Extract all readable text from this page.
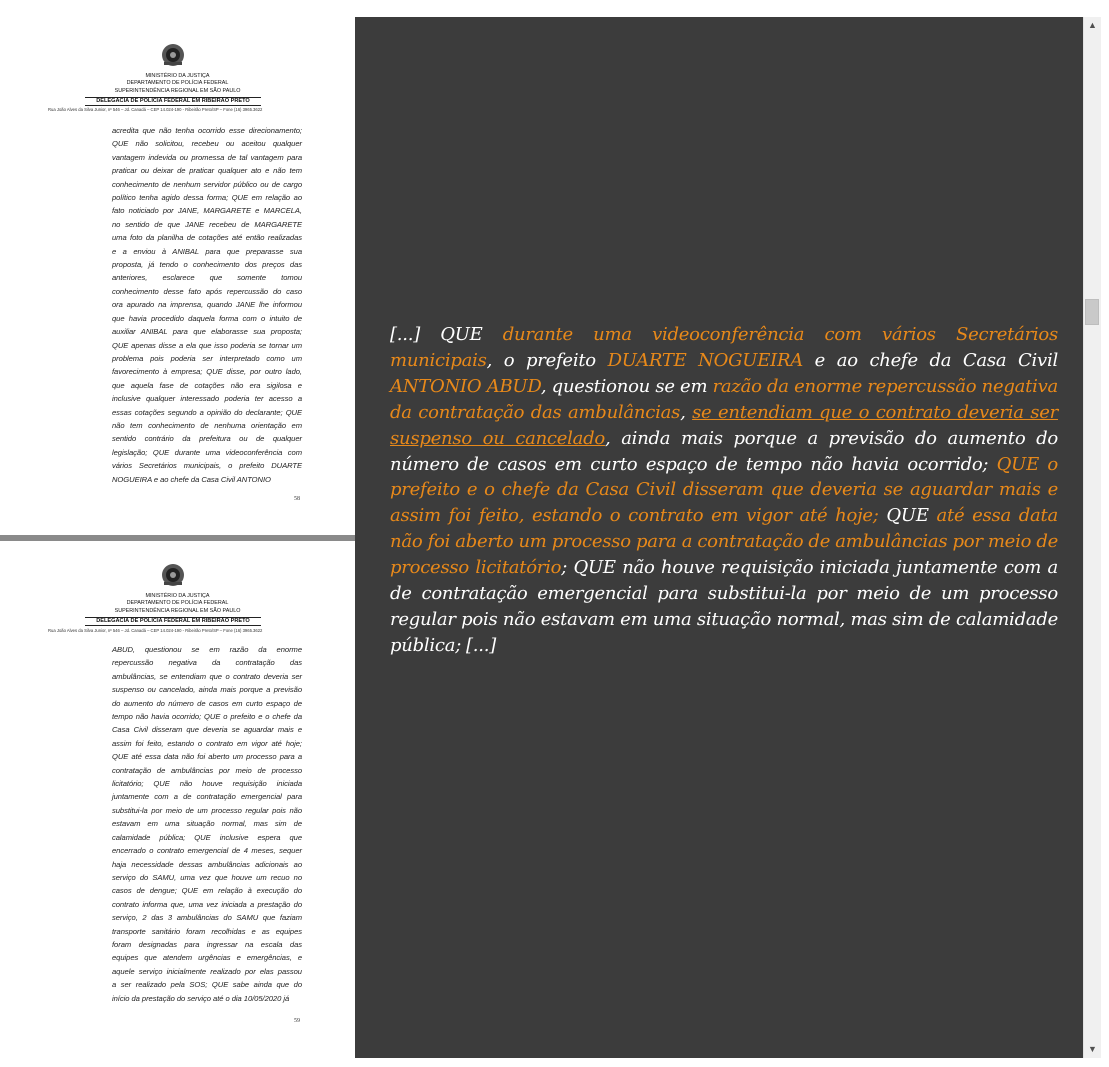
MINISTÉRIO DA JUSTIÇA
DEPARTAMENTO DE POLÍCIA FEDERAL
SUPERINTENDÊNCIA REGIONAL EM SÃO PAULO
DELEGACIA DE POLÍCIA FEDERAL EM RIBEIRÃO PRETO
Rua João Alves da Silva Junior, nº 546 – Jd. Canadá – CEP 14.024-190 - Ribeirão Preto/SP – Fone (16) 3965.3622
acredita que não tenha ocorrido esse direcionamento;
QUE não solicitou, recebeu ou aceitou qualquer
vantagem indevida ou promessa de tal vantagem para
praticar ou deixar de praticar qualquer ato e não tem
conhecimento de nenhum servidor público ou de cargo
político tenha agido dessa forma; QUE em relação ao
fato noticiado por JANE, MARGARETE e MARCELA,
no sentido de que JANE recebeu de MARGARETE
uma foto da planilha de cotações até então realizadas
e a enviou à ANIBAL para que preparasse sua
proposta, já tendo o conhecimento dos preços das
anteriores, esclarece que somente tomou
conhecimento desse fato após repercussão do caso
ora apurado na imprensa, quando JANE lhe informou
que havia procedido daquela forma com o intuito de
auxiliar ANIBAL para que elaborasse sua proposta;
QUE apenas disse a ela que isso poderia se tornar um
problema pois poderia ser interpretado como um
favorecimento à empresa; QUE disse, por outro lado,
que aquela fase de cotações não era sigilosa e
inclusive qualquer interessado poderia ter acesso a
essas cotações segundo a opinião do declarante; QUE
não tem conhecimento de nenhuma orientação em
sentido contrário da prefeitura ou de qualquer
legislação; QUE durante uma videoconferência com
vários Secretários municipais, o prefeito DUARTE
NOGUEIRA e ao chefe da Casa Civil ANTONIO
58
MINISTÉRIO DA JUSTIÇA
DEPARTAMENTO DE POLÍCIA FEDERAL
SUPERINTENDÊNCIA REGIONAL EM SÃO PAULO
DELEGACIA DE POLÍCIA FEDERAL EM RIBEIRÃO PRETO
Rua João Alves da Silva Junior, nº 546 – Jd. Canadá – CEP 14.024-190 - Ribeirão Preto/SP – Fone (16) 3965.3622
ABUD, questionou se em razão da enorme
repercussão negativa da contratação das
ambulâncias, se entendiam que o contrato deveria ser
suspenso ou cancelado, ainda mais porque a previsão
do aumento do número de casos em curto espaço de
tempo não havia ocorrido; QUE o prefeito e o chefe da
Casa Civil disseram que deveria se aguardar mais e
assim foi feito, estando o contrato em vigor até hoje;
QUE até essa data não foi aberto um processo para a
contratação de ambulâncias por meio de processo
licitatório; QUE não houve requisição iniciada
juntamente com a de contratação emergencial para
substitui-la por meio de um processo regular pois não
estavam em uma situação normal, mas sim de
calamidade pública; QUE inclusive espera que
encerrado o contrato emergencial de 4 meses, sequer
haja necessidade dessas ambulâncias adicionais ao
serviço do SAMU, uma vez que houve um recuo no
casos de dengue; QUE em relação à execução do
contrato informa que, uma vez iniciada a prestação do
serviço, 2 das 3 ambulâncias do SAMU que faziam
transporte sanitário foram recolhidas e as equipes
foram designadas para ingressar na escala das
equipes que atendem urgências e emergências, e
aquele serviço inicialmente realizado por elas passou
a ser realizado pela SOS; QUE sabe ainda que do
início da prestação do serviço até o dia 10/05/2020 já
59
[...] QUE durante uma videoconferência com vários Secretários municipais, o prefeito DUARTE NOGUEIRA e ao chefe da Casa Civil ANTONIO ABUD, questionou se em razão da enorme repercussão negativa da contratação das ambulâncias, se entendiam que o contrato deveria ser suspenso ou cancelado, ainda mais porque a previsão do aumento do número de casos em curto espaço de tempo não havia ocorrido; QUE o prefeito e o chefe da Casa Civil disseram que deveria se aguardar mais e assim foi feito, estando o contrato em vigor até hoje; QUE até essa data não foi aberto um processo para a contratação de ambulâncias por meio de processo licitatório; QUE não houve requisição iniciada juntamente com a de contratação emergencial para substitui-la por meio de um processo regular pois não estavam em uma situação normal, mas sim de calamidade pública; [...]
▲
▼
